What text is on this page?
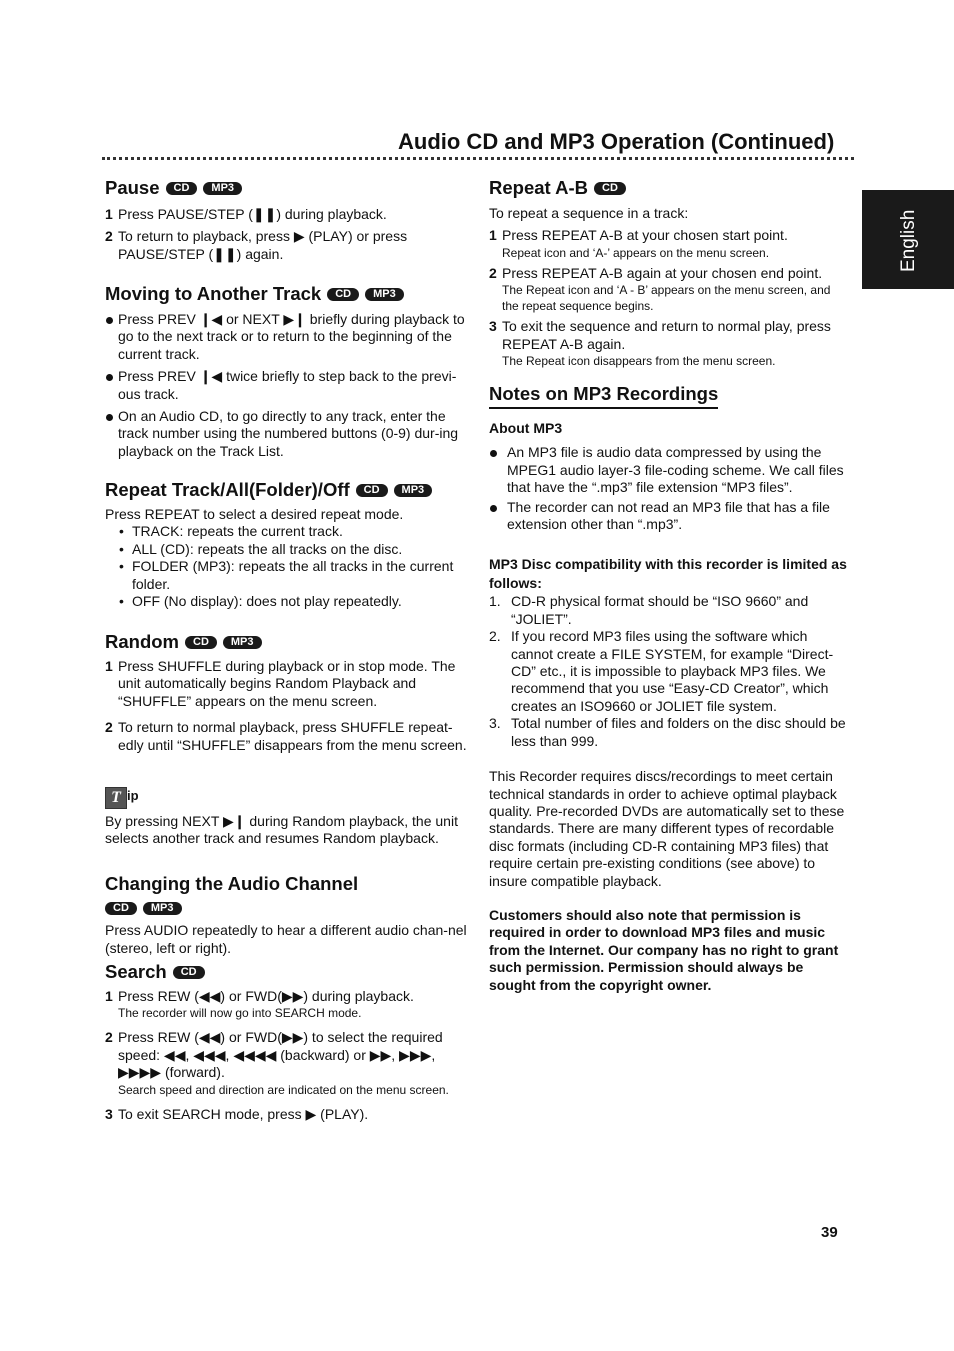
Audio CD and MP3 Operation (Continued)
English
Pause CD MP3

1 Press PAUSE/STEP (❚❚) during playback.

2 To return to playback, press ▶ (PLAY) or press PAUSE/STEP (❚❚) again.

Moving to Another Track CD MP3

Press PREV ❙◀ or NEXT ▶❙ briefly during playback to go to the next track or to return to the beginning of the current track.

Press PREV ❙◀ twice briefly to step back to the previ-ous track.

On an Audio CD, to go directly to any track, enter the track number using the numbered buttons (0-9) dur-ing playback on the Track List.

Repeat Track/All(Folder)/Off CD MP3

Press REPEAT to select a desired repeat mode.

• TRACK: repeats the current track.

• ALL (CD): repeats the all tracks on the disc.

• FOLDER (MP3): repeats the all tracks in the current folder.

• OFF (No display): does not play repeatedly.

Random CD MP3

1 Press SHUFFLE during playback or in stop mode. The unit automatically begins Random Playback and “SHUFFLE” appears on the menu screen.

2 To return to normal playback, press SHUFFLE repeat-edly until “SHUFFLE” disappears from the menu screen.

T ip

By pressing NEXT ▶❙ during Random playback, the unit selects another track and resumes Random playback.

Changing the Audio Channel
CD MP3

Press AUDIO repeatedly to hear a different audio chan-nel (stereo, left or right).

Search CD
1 Press REW (◀◀) or FWD(▶▶) during playback.

The recorder will now go into SEARCH mode.

2 Press REW (◀◀) or FWD(▶▶) to select the required speed: ◀◀, ◀◀◀, ◀◀◀◀ (backward) or ▶▶, ▶▶▶, ▶▶▶▶ (forward).

Search speed and direction are indicated on the menu screen.

3 To exit SEARCH mode, press ▶ (PLAY).

Repeat A-B CD

To repeat a sequence in a track:

1 Press REPEAT A-B at your chosen start point.

Repeat icon and ‘A-’ appears on the menu screen.

2 Press REPEAT A-B again at your chosen end point.

The Repeat icon and ‘A - B’ appears on the menu screen, and the repeat sequence begins.

3 To exit the sequence and return to normal play, press REPEAT A-B again.

The Repeat icon disappears from the menu screen.

Notes on MP3 Recordings

About MP3

An MP3 file is audio data compressed by using the MPEG1 audio layer-3 file-coding scheme. We call files that have the “.mp3” file extension “MP3 files”.

The recorder can not read an MP3 file that has a file extension other than “.mp3”.

MP3 Disc compatibility with this recorder is limited as follows:

1. CD-R physical format should be “ISO 9660” and “JOLIET”.

2. If you record MP3 files using the software which cannot create a FILE SYSTEM, for example “Direct-CD” etc., it is impossible to playback MP3 files. We recommend that you use “Easy-CD Creator”, which creates an ISO9660 or JOLIET file system.

3. Total number of files and folders on the disc should be less than 999.

This Recorder requires discs/recordings to meet certain technical standards in order to achieve optimal playback quality. Pre-recorded DVDs are automatically set to these standards. There are many different types of recordable disc formats (including CD-R containing MP3 files) that require certain pre-existing conditions (see above) to insure compatible playback.

Customers should also note that permission is required in order to download MP3 files and music from the Internet. Our company has no right to grant such permission. Permission should always be sought from the copyright owner.

39
